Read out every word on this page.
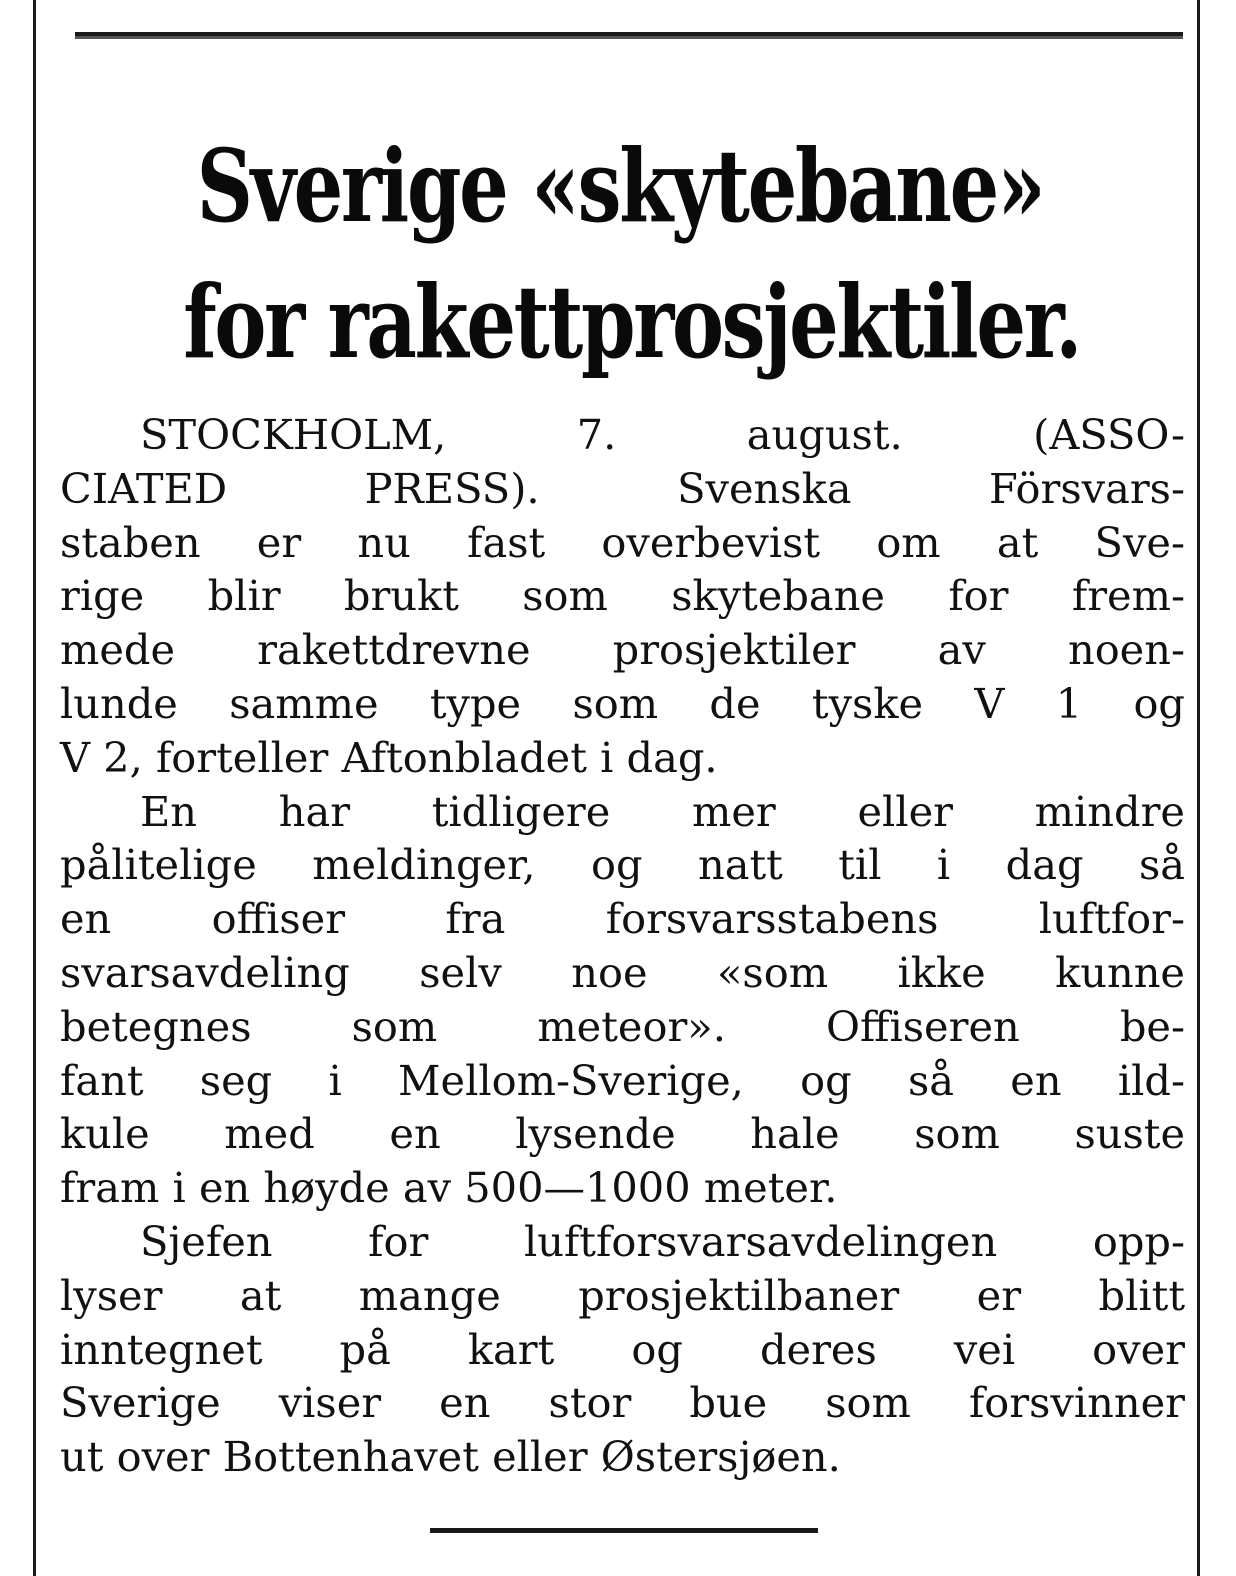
Sverige «skytebane»
for rakettprosjektiler.
STOCKHOLM, 7. august. (ASSO-
CIATED PRESS). Svenska Försvars-
staben er nu fast overbevist om at Sve-
rige blir brukt som skytebane for frem-
mede rakettdrevne prosjektiler av noen-
lunde samme type som de tyske V 1 og
V 2, forteller Aftonbladet i dag.
En har tidligere mer eller mindre
pålitelige meldinger, og natt til i dag så
en offiser fra forsvarsstabens luftfor-
svarsavdeling selv noe «som ikke kunne
betegnes som meteor». Offiseren be-
fant seg i Mellom-Sverige, og så en ild-
kule med en lysende hale som suste
fram i en høyde av 500—1000 meter.
Sjefen for luftforsvarsavdelingen opp-
lyser at mange prosjektilbaner er blitt
inntegnet på kart og deres vei over
Sverige viser en stor bue som forsvinner
ut over Bottenhavet eller Østersjøen.
